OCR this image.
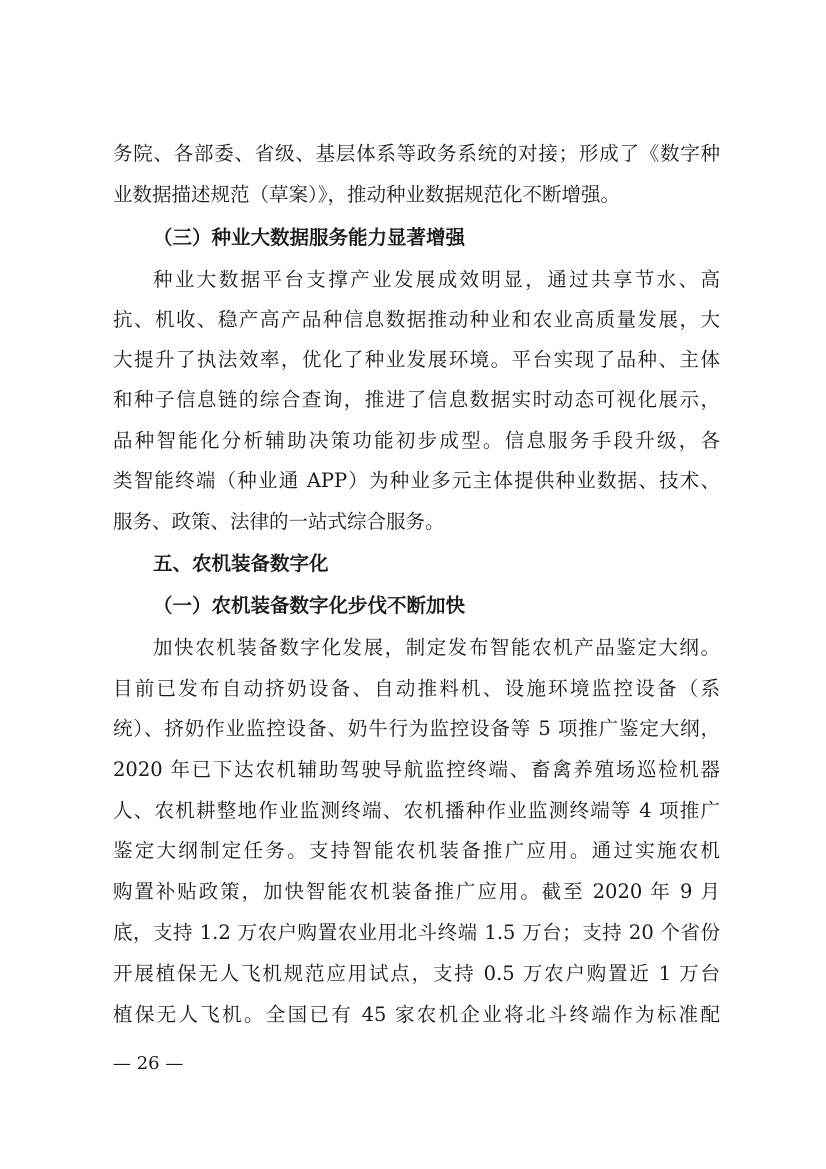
务院、各部委、省级、基层体系等政务系统的对接；形成了《数字种
业数据描述规范（草案）》，推动种业数据规范化不断增强。
（三）种业大数据服务能力显著增强
种业大数据平台支撑产业发展成效明显，通过共享节水、高
抗、机收、稳产高产品种信息数据推动种业和农业高质量发展，大
大提升了执法效率，优化了种业发展环境。平台实现了品种、主体
和种子信息链的综合查询，推进了信息数据实时动态可视化展示，
品种智能化分析辅助决策功能初步成型。信息服务手段升级，各
类智能终端（种业通 APP）为种业多元主体提供种业数据、技术、
服务、政策、法律的一站式综合服务。
五、农机装备数字化
（一）农机装备数字化步伐不断加快
加快农机装备数字化发展，制定发布智能农机产品鉴定大纲。
目前已发布自动挤奶设备、自动推料机、设施环境监控设备（系
统）、挤奶作业监控设备、奶牛行为监控设备等 5 项推广鉴定大纲，
2020 年已下达农机辅助驾驶导航监控终端、畜禽养殖场巡检机器
人、农机耕整地作业监测终端、农机播种作业监测终端等 4 项推广
鉴定大纲制定任务。支持智能农机装备推广应用。通过实施农机
购置补贴政策，加快智能农机装备推广应用。截至 2020 年 9 月
底，支持 1.2 万农户购置农业用北斗终端 1.5 万台；支持 20 个省份
开展植保无人飞机规范应用试点，支持 0.5 万农户购置近 1 万台
植保无人飞机。全国已有 45 家农机企业将北斗终端作为标准配
— 26 —
